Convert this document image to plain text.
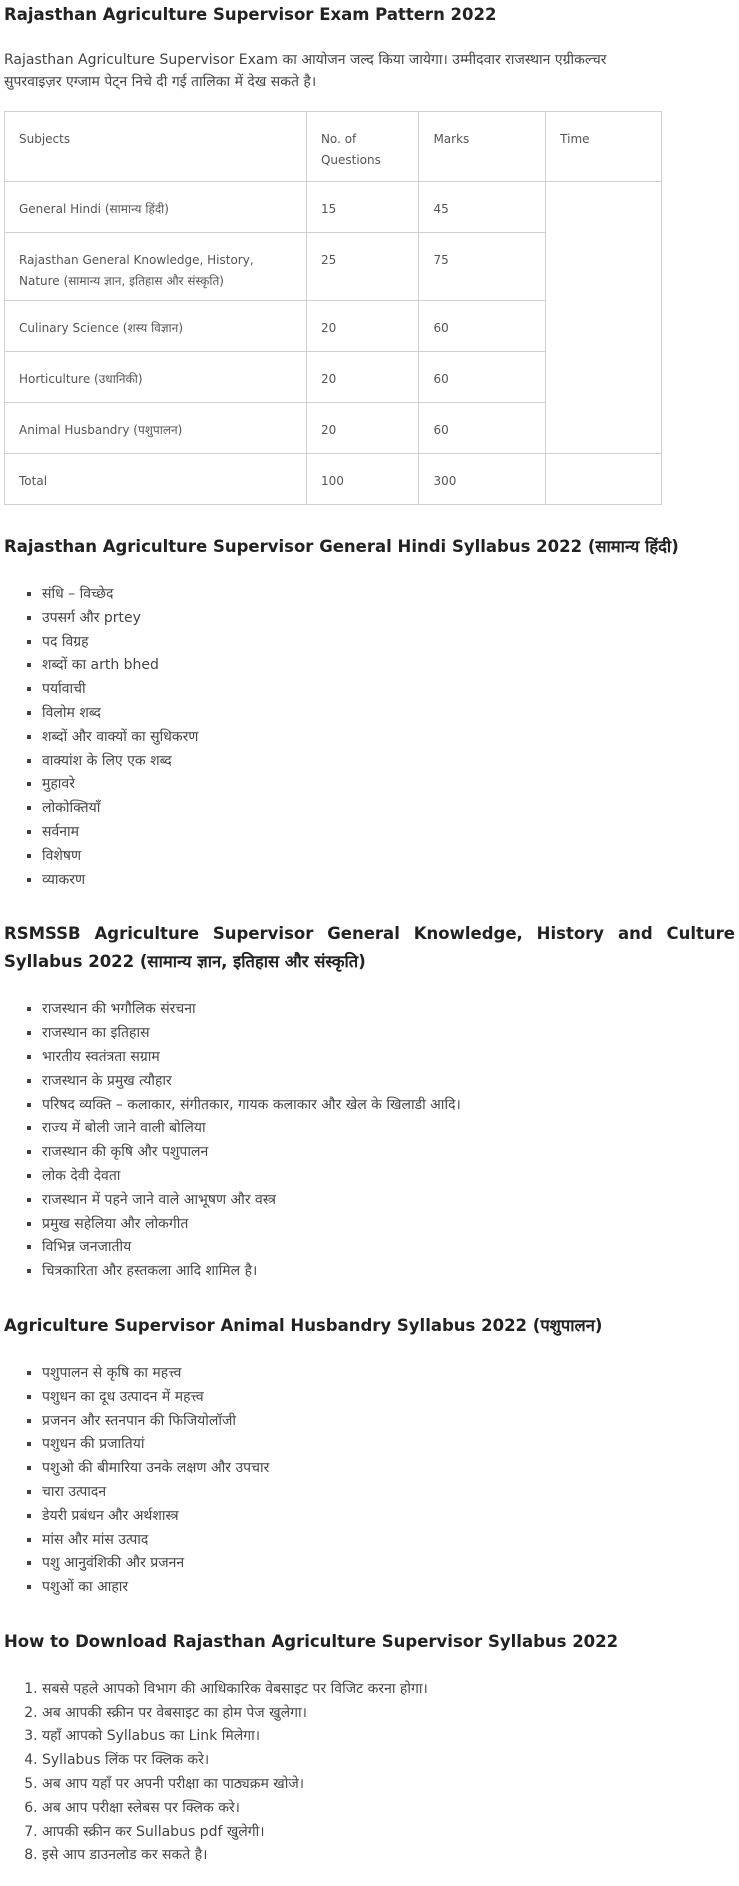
Rajasthan Agriculture Supervisor Exam Pattern 2022

Rajasthan Agriculture Supervisor Exam का आयोजन जल्द किया जायेगा। उम्मीदवार राजस्थान एग्रीकल्चर सुपरवाइज़र एग्जाम पेट्न निचे दी गई तालिका में देख सकते है।

Subjects	No. of Questions	Marks	Time
General Hindi (सामान्य हिंदी)	15	45	
Rajasthan General Knowledge, History, Nature (सामान्य ज्ञान, इतिहास और संस्कृति)	25	75	
Culinary Science (शस्य विज्ञान)	20	60	
Horticulture (उधानिकी)	20	60	
Animal Husbandry (पशुपालन)	20	60	
Total	100	300	
Rajasthan Agriculture Supervisor General Hindi Syllabus 2022 (सामान्य हिंदी)
▪ संधि – विच्छेद
▪ उपसर्ग और prtey
▪ पद विग्रह
▪ शब्दों का arth bhed
▪ पर्यावाची
▪ विलोम शब्द
▪ शब्दों और वाक्यों का सुधिकरण
▪ वाक्यांश के लिए एक शब्द
▪ मुहावरे
▪ लोकोक्तियाँ
▪ सर्वनाम
▪ विशेषण
▪ व्याकरण
RSMSSB Agriculture Supervisor General Knowledge, History and Culture Syllabus 2022 (सामान्य ज्ञान, इतिहास और संस्कृति)
▪ राजस्थान की भगौलिक संरचना
▪ राजस्थान का इतिहास
▪ भारतीय स्वतंत्रता सग्राम
▪ राजस्थान के प्रमुख त्यौहार
▪ परिषद व्यक्ति – कलाकार, संगीतकार, गायक कलाकार और खेल के खिलाडी आदि।
▪ राज्य में बोली जाने वाली बोलिया
▪ राजस्थान की कृषि और पशुपालन
▪ लोक देवी देवता
▪ राजस्थान में पहने जाने वाले आभूषण और वस्त्र
▪ प्रमुख सहेलिया और लोकगीत
▪ विभिन्न जनजातीय
▪ चित्रकारिता और हस्तकला आदि शामिल है।
Agriculture Supervisor Animal Husbandry Syllabus 2022 (पशुपालन)
▪ पशुपालन से कृषि का महत्त्व
▪ पशुधन का दूध उत्पादन में महत्त्व
▪ प्रजनन और स्तनपान की फिजियोलॉजी
▪ पशुधन की प्रजातियां
▪ पशुओ की बीमारिया उनके लक्षण और उपचार
▪ चारा उत्पादन
▪ डेयरी प्रबंधन और अर्थशास्त्र
▪ मांस और मांस उत्पाद
▪ पशु आनुवंशिकी और प्रजनन
▪ पशुओं का आहार
How to Download Rajasthan Agriculture Supervisor Syllabus 2022
1. सबसे पहले आपको विभाग की आधिकारिक वेबसाइट पर विजिट करना होगा।
2. अब आपकी स्क्रीन पर वेबसाइट का होम पेज खुलेगा।
3. यहाँ आपको Syllabus का Link मिलेगा।
4. Syllabus लिंक पर क्लिक करे।
5. अब आप यहाँ पर अपनी परीक्षा का पाठ्यक्रम खोजे।
6. अब आप परीक्षा स्लेबस पर क्लिक करे।
7. आपकी स्क्रीन कर Sullabus pdf खुलेगी।
8. इसे आप डाउनलोड कर सकते है।
